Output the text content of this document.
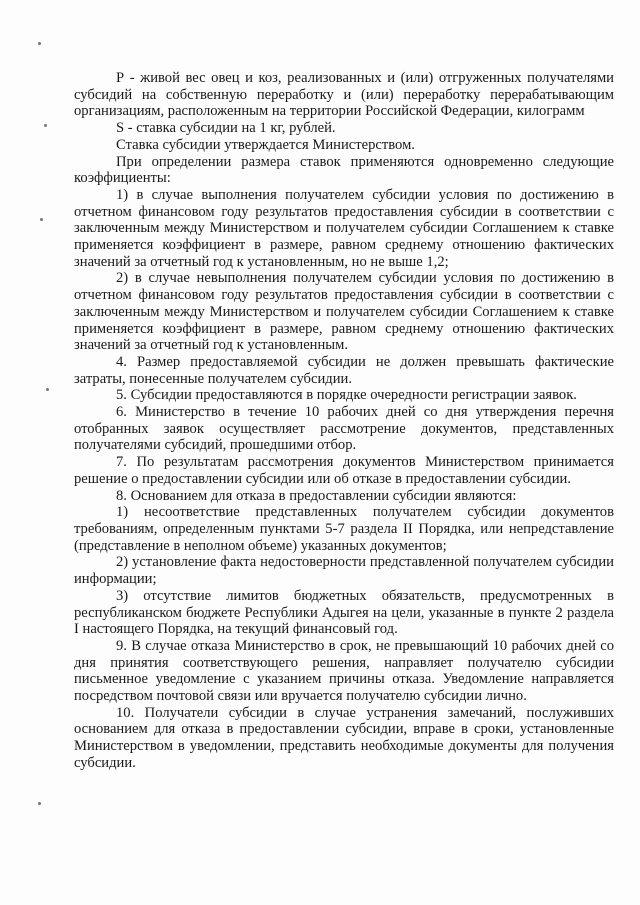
Р - живой вес овец и коз, реализованных и (или) отгруженных получателями субсидий на собственную переработку и (или) переработку перерабатывающим организациям, расположенным на территории Российской Федерации, килограмм

S - ставка субсидии на 1 кг, рублей.

Ставка субсидии утверждается Министерством.

При определении размера ставок применяются одновременно следующие коэффициенты:

1) в случае выполнения получателем субсидии условия по достижению в отчетном финансовом году результатов предоставления субсидии в соответствии с заключенным между Министерством и получателем субсидии Соглашением к ставке применяется коэффициент в размере, равном среднему отношению фактических значений за отчетный год к установленным, но не выше 1,2;

2) в случае невыполнения получателем субсидии условия по достижению в отчетном финансовом году результатов предоставления субсидии в соответствии с заключенным между Министерством и получателем субсидии Соглашением к ставке применяется коэффициент в размере, равном среднему отношению фактических значений за отчетный год к установленным.

4. Размер предоставляемой субсидии не должен превышать фактические затраты, понесенные получателем субсидии.

5. Субсидии предоставляются в порядке очередности регистрации заявок.

6. Министерство в течение 10 рабочих дней со дня утверждения перечня отобранных заявок осуществляет рассмотрение документов, представленных получателями субсидий, прошедшими отбор.

7. По результатам рассмотрения документов Министерством принимается решение о предоставлении субсидии или об отказе в предоставлении субсидии.

8. Основанием для отказа в предоставлении субсидии являются:

1) несоответствие представленных получателем субсидии документов требованиям, определенным пунктами 5-7 раздела II Порядка, или непредставление (представление в неполном объеме) указанных документов;

2) установление факта недостоверности представленной получателем субсидии информации;

3) отсутствие лимитов бюджетных обязательств, предусмотренных в республиканском бюджете Республики Адыгея на цели, указанные в пункте 2 раздела I настоящего Порядка, на текущий финансовый год.

9. В случае отказа Министерство в срок, не превышающий 10 рабочих дней со дня принятия соответствующего решения, направляет получателю субсидии письменное уведомление с указанием причины отказа. Уведомление направляется посредством почтовой связи или вручается получателю субсидии лично.

10. Получатели субсидии в случае устранения замечаний, послуживших основанием для отказа в предоставлении субсидии, вправе в сроки, установленные Министерством в уведомлении, представить необходимые документы для получения субсидии.
